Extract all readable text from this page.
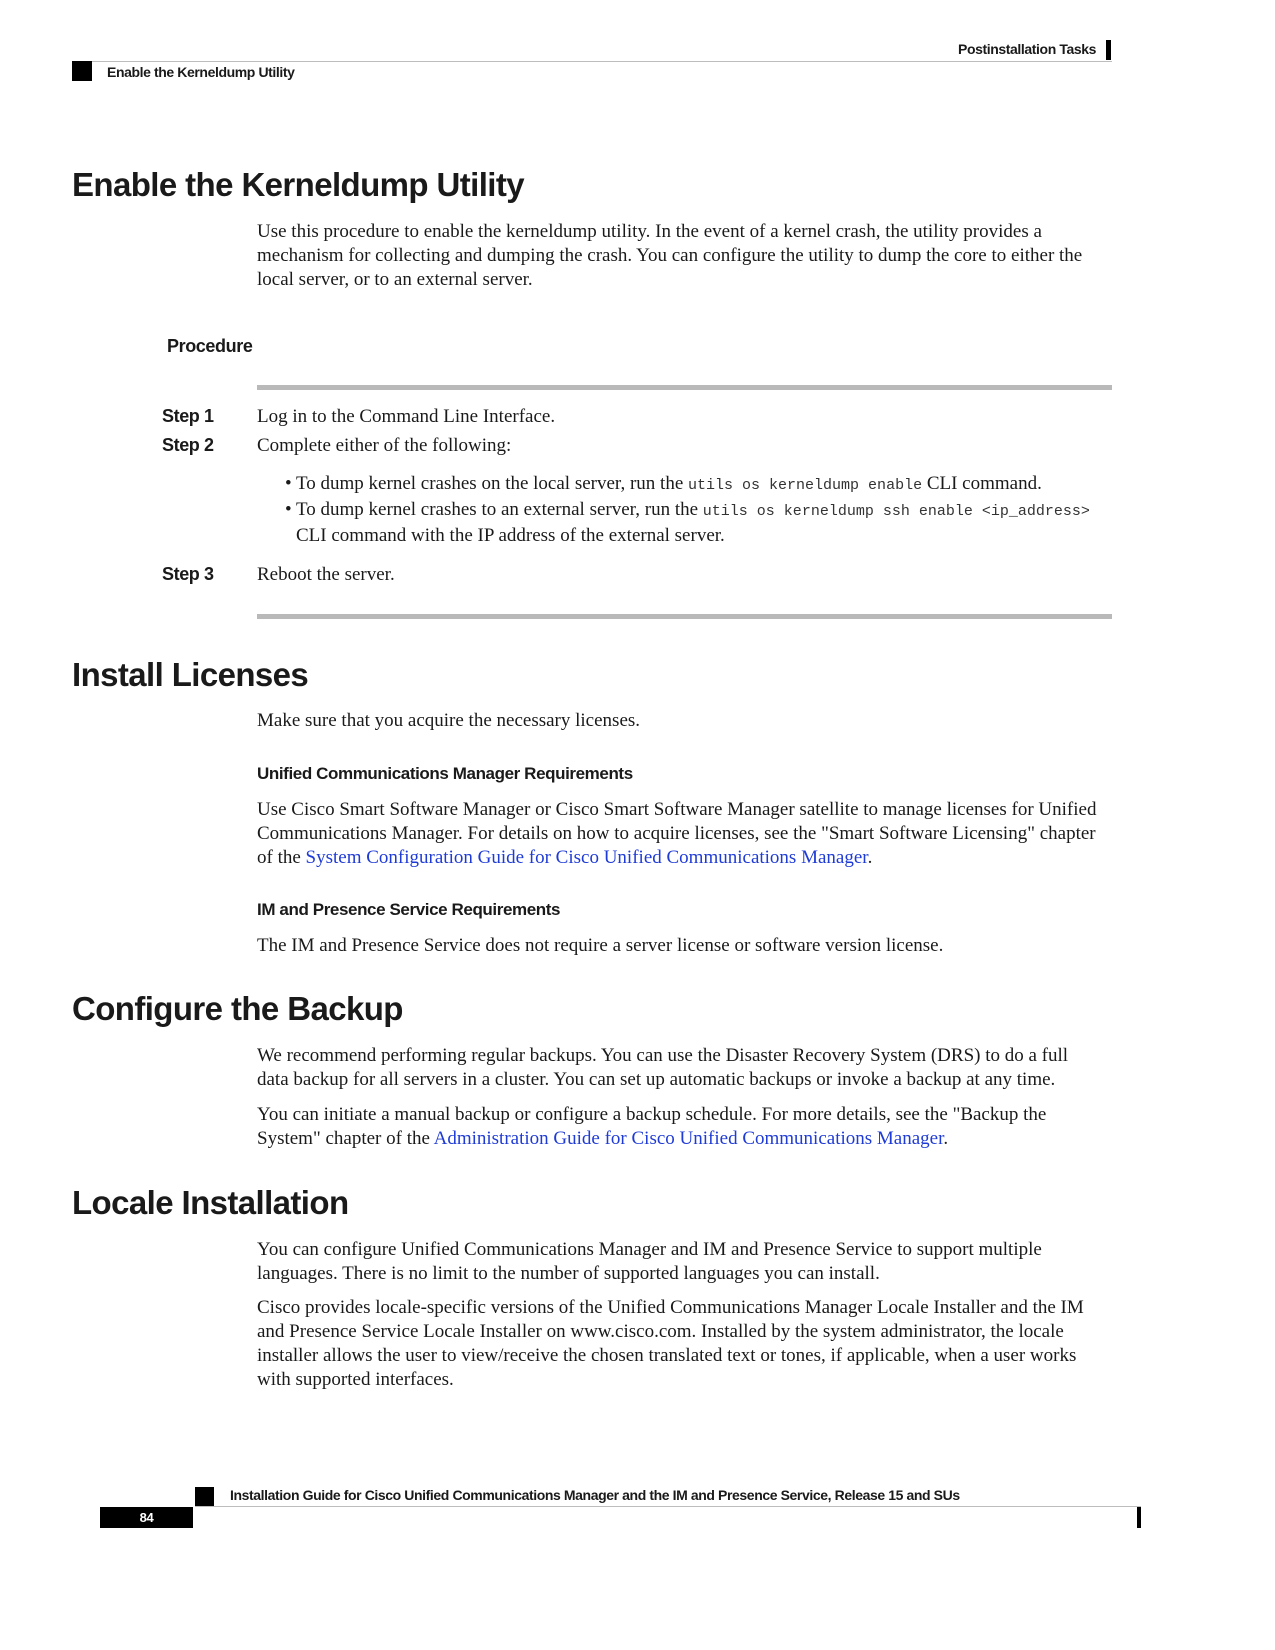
Postinstallation Tasks
Enable the Kerneldump Utility
Enable the Kerneldump Utility

Use this procedure to enable the kerneldump utility. In the event of a kernel crash, the utility provides a

mechanism for collecting and dumping the crash. You can configure the utility to dump the core to either the

local server, or to an external server.

Procedure
Step 1 Log in to the Command Line Interface.
Step 2 Complete either of the following:
• To dump kernel crashes on the local server, run the utils os kerneldump enable CLI command.
• To dump kernel crashes to an external server, run the utils os kerneldump ssh enable <ip_address>
CLI command with the IP address of the external server.
Step 3 Reboot the server.
Install Licenses
Make sure that you acquire the necessary licenses.
Unified Communications Manager Requirements

Use Cisco Smart Software Manager or Cisco Smart Software Manager satellite to manage licenses for Unified

Communications Manager. For details on how to acquire licenses, see the "Smart Software Licensing" chapter

of the System Configuration Guide for Cisco Unified Communications Manager.

IM and Presence Service Requirements
The IM and Presence Service does not require a server license or software version license.
Configure the Backup

We recommend performing regular backups. You can use the Disaster Recovery System (DRS) to do a full

data backup for all servers in a cluster. You can set up automatic backups or invoke a backup at any time.

You can initiate a manual backup or configure a backup schedule. For more details, see the "Backup the

System" chapter of the Administration Guide for Cisco Unified Communications Manager.

Locale Installation

You can configure Unified Communications Manager and IM and Presence Service to support multiple

languages. There is no limit to the number of supported languages you can install.

Cisco provides locale-specific versions of the Unified Communications Manager Locale Installer and the IM

and Presence Service Locale Installer on www.cisco.com. Installed by the system administrator, the locale

installer allows the user to view/receive the chosen translated text or tones, if applicable, when a user works

with supported interfaces.

Installation Guide for Cisco Unified Communications Manager and the IM and Presence Service, Release 15 and SUs
84
